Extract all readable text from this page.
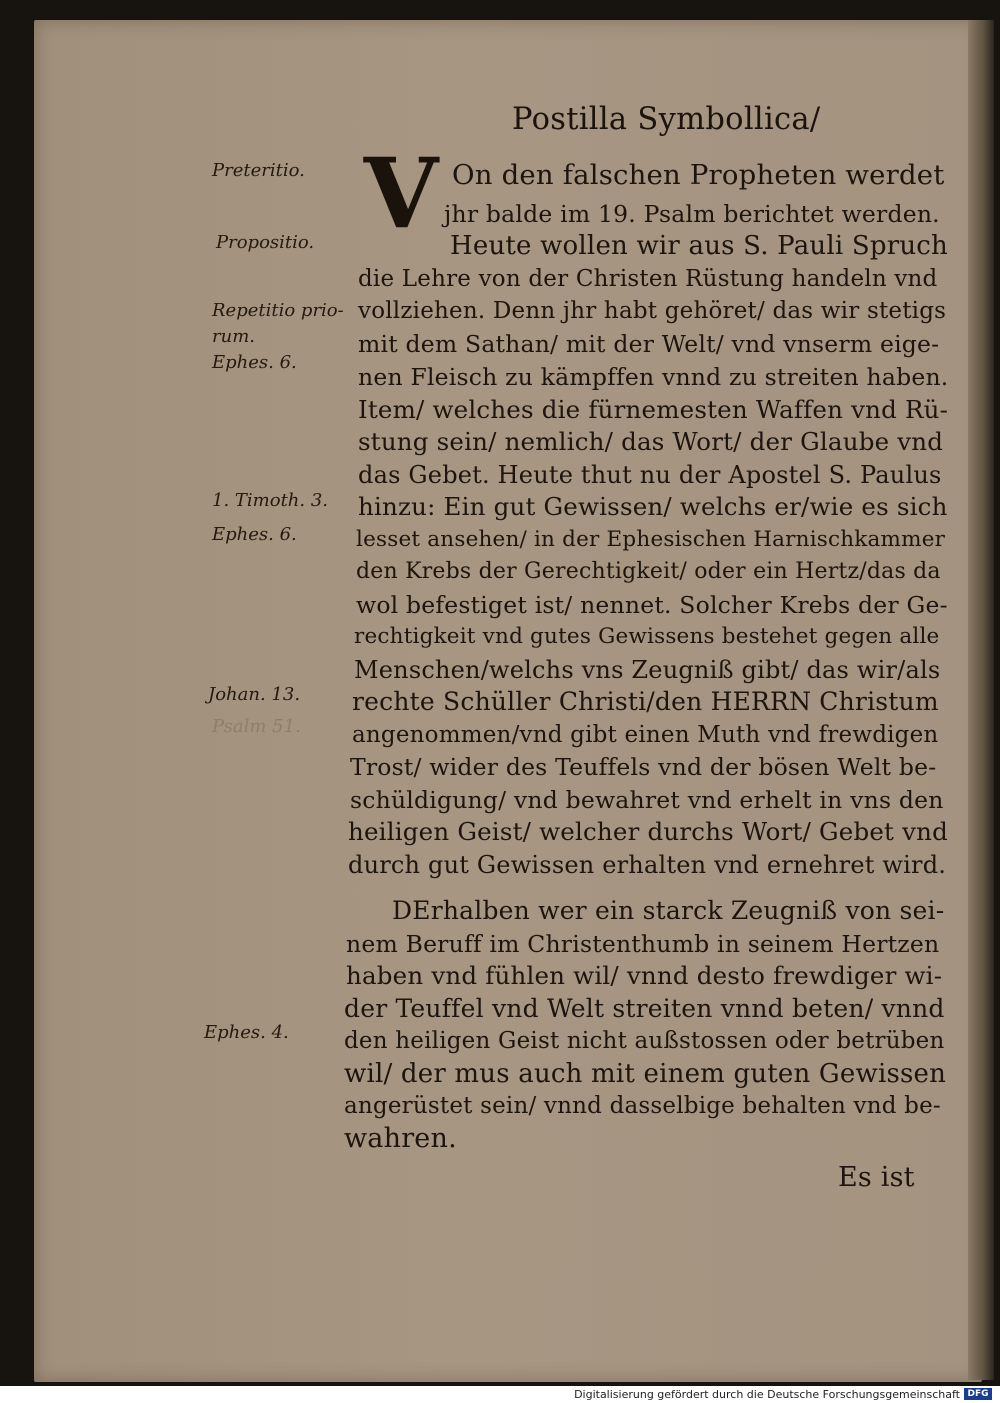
Postilla Symbollica/
V
Preteritio.
Propositio.
Repetitio prio-
rum.
Ephes. 6.
1. Timoth. 3.
Ephes. 6.
Johan. 13.
Psalm 51.
Ephes. 4.
On den falschen Propheten werdet
jhr balde im 19. Psalm berichtet werden.
Heute wollen wir aus S. Pauli Spruch
die Lehre von der Christen Rüstung handeln vnd
vollziehen. Denn jhr habt gehöret/ das wir stetigs
mit dem Sathan/ mit der Welt/ vnd vnserm eige-
nen Fleisch zu kämpffen vnnd zu streiten haben.
Item/ welches die fürnemesten Waffen vnd Rü-
stung sein/ nemlich/ das Wort/ der Glaube vnd
das Gebet. Heute thut nu der Apostel S. Paulus
hinzu: Ein gut Gewissen/ welchs er/wie es sich
lesset ansehen/ in der Ephesischen Harnischkammer
den Krebs der Gerechtigkeit/ oder ein Hertz/das da
wol befestiget ist/ nennet. Solcher Krebs der Ge-
rechtigkeit vnd gutes Gewissens bestehet gegen alle
Menschen/welchs vns Zeugniß gibt/ das wir/als
rechte Schüller Christi/den HERRN Christum
angenommen/vnd gibt einen Muth vnd frewdigen
Trost/ wider des Teuffels vnd der bösen Welt be-
schüldigung/ vnd bewahret vnd erhelt in vns den
heiligen Geist/ welcher durchs Wort/ Gebet vnd
durch gut Gewissen erhalten vnd ernehret wird.
DErhalben wer ein starck Zeugniß von sei-
nem Beruff im Christenthumb in seinem Hertzen
haben vnd fühlen wil/ vnnd desto frewdiger wi-
der Teuffel vnd Welt streiten vnnd beten/ vnnd
den heiligen Geist nicht außstossen oder betrüben
wil/ der mus auch mit einem guten Gewissen
angerüstet sein/ vnnd dasselbige behalten vnd be-
wahren.
Es ist
Digitalisierung gefördert durch die Deutsche Forschungsgemeinschaft DFG
